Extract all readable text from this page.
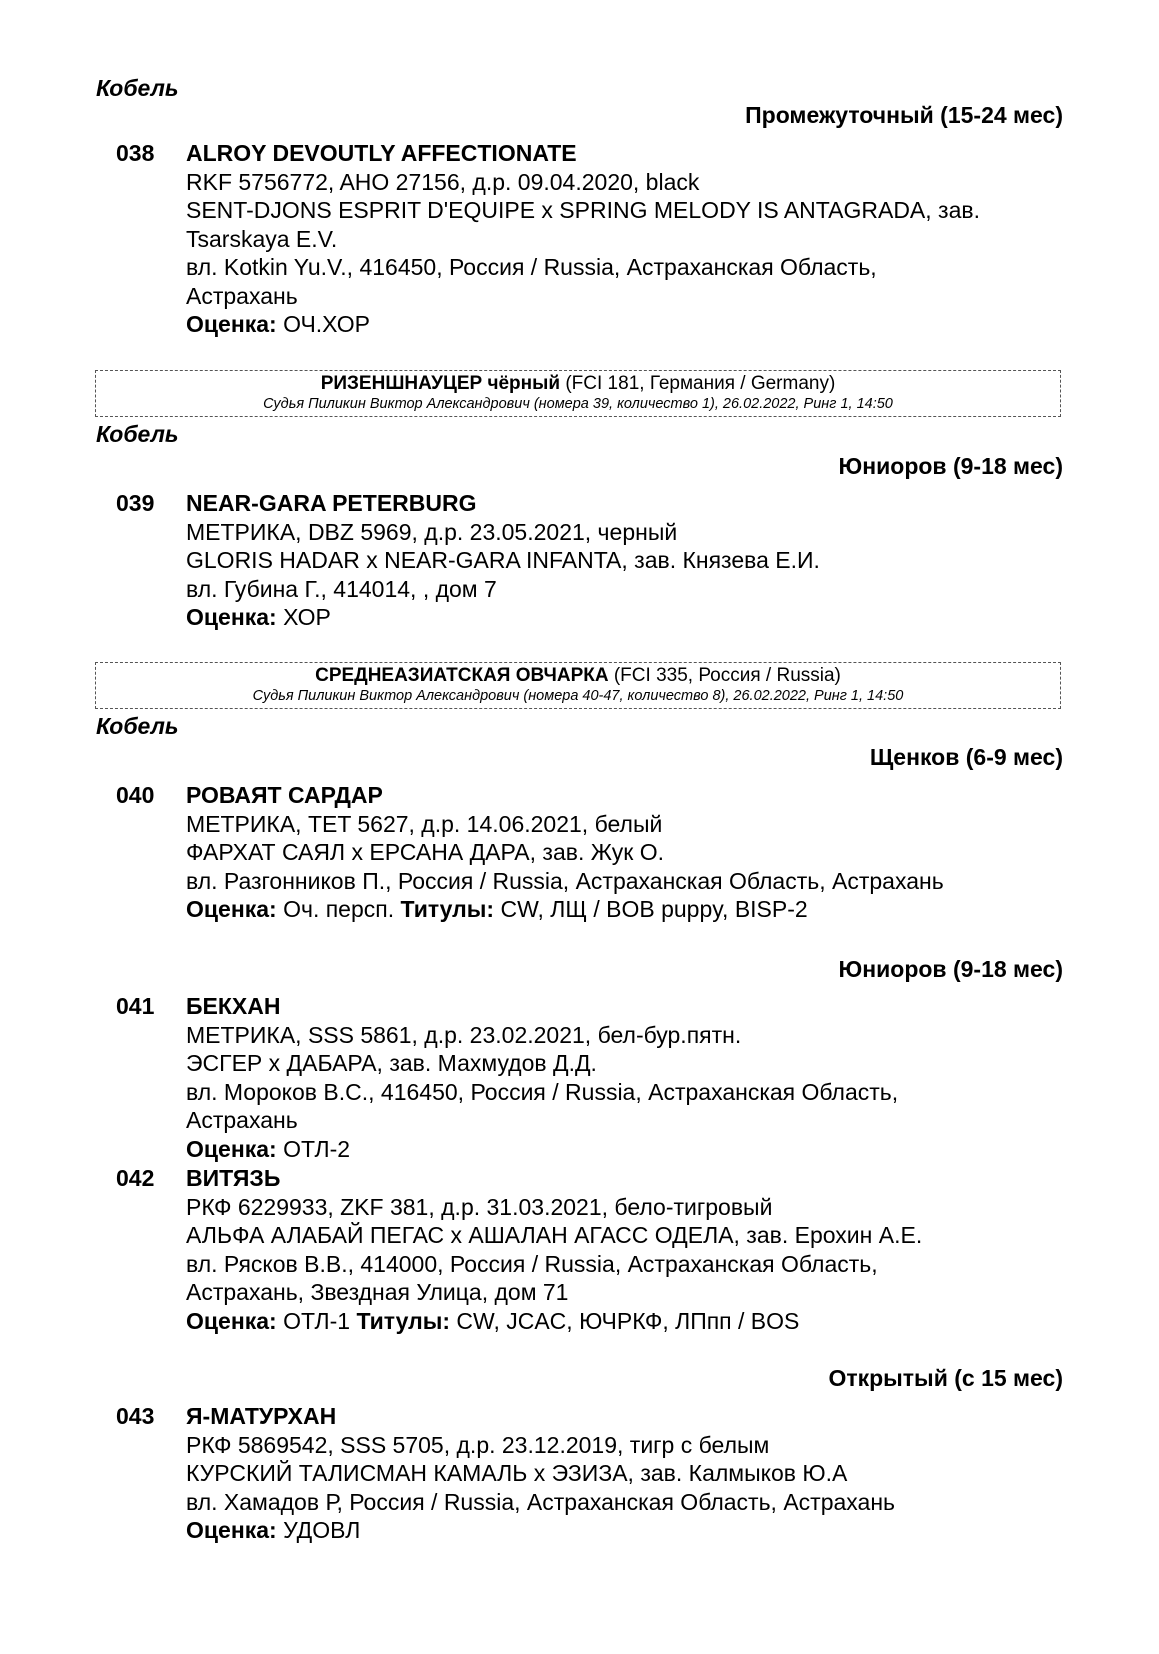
Кобель
Промежуточный (15-24 мес)
038 ALROY DEVOUTLY AFFECTIONATE
RKF 5756772, AHO 27156, д.р. 09.04.2020, black
SENT-DJONS ESPRIT D'EQUIPE x SPRING MELODY IS ANTAGRADA, зав.
Tsarskaya E.V.
вл. Kotkin Yu.V., 416450, Россия / Russia, Астраханская Область,
Астрахань
Оценка: ОЧ.ХОР
РИЗЕНШНАУЦЕР чёрный (FCI 181, Германия / Germany)
Судья Пиликин Виктор Александрович (номера 39, количество 1), 26.02.2022, Ринг 1, 14:50
Кобель
Юниоров (9-18 мес)
039 NEAR-GARA PETERBURG
МЕТРИКА, DBZ 5969, д.р. 23.05.2021, черный
GLORIS HADAR x NEAR-GARA INFANTA, зав. Князева Е.И.
вл. Губина Г., 414014, , дом 7
Оценка: ХОР
СРЕДНЕАЗИАТСКАЯ ОВЧАРКА (FCI 335, Россия / Russia)
Судья Пиликин Виктор Александрович (номера 40-47, количество 8), 26.02.2022, Ринг 1, 14:50
Кобель
Щенков (6-9 мес)
040 РОВАЯТ САРДАР
МЕТРИКА, TET 5627, д.р. 14.06.2021, белый
ФАРХАТ САЯЛ х ЕРСАНА ДАРА, зав. Жук О.
вл. Разгонников П., Россия / Russia, Астраханская Область, Астрахань
Оценка: Оч. персп. Титулы: CW, ЛЩ / BOB puppy, BISP-2
Юниоров (9-18 мес)
041 БЕКХАН
МЕТРИКА, SSS 5861, д.р. 23.02.2021, бел-бур.пятн.
ЭСГЕР х ДАБАРА, зав. Махмудов Д.Д.
вл. Мороков В.С., 416450, Россия / Russia, Астраханская Область,
Астрахань
Оценка: ОТЛ-2
042 ВИТЯЗЬ
РКФ 6229933, ZKF 381, д.р. 31.03.2021, бело-тигровый
АЛЬФА АЛАБАЙ ПЕГАС х АШАЛАН АГАСС ОДЕЛА, зав. Ерохин А.Е.
вл. Рясков В.В., 414000, Россия / Russia, Астраханская Область,
Астрахань, Звездная Улица, дом 71
Оценка: ОТЛ-1 Титулы: CW, JCAC, ЮЧРКФ, ЛПпп / BOS
Открытый (с 15 мес)
043 Я-МАТУРХАН
РКФ 5869542, SSS 5705, д.р. 23.12.2019, тигр с белым
КУРСКИЙ ТАЛИСМАН КАМАЛЬ х ЭЗИЗА, зав. Калмыков Ю.А
вл. Хамадов Р, Россия / Russia, Астраханская Область, Астрахань
Оценка: УДОВЛ
